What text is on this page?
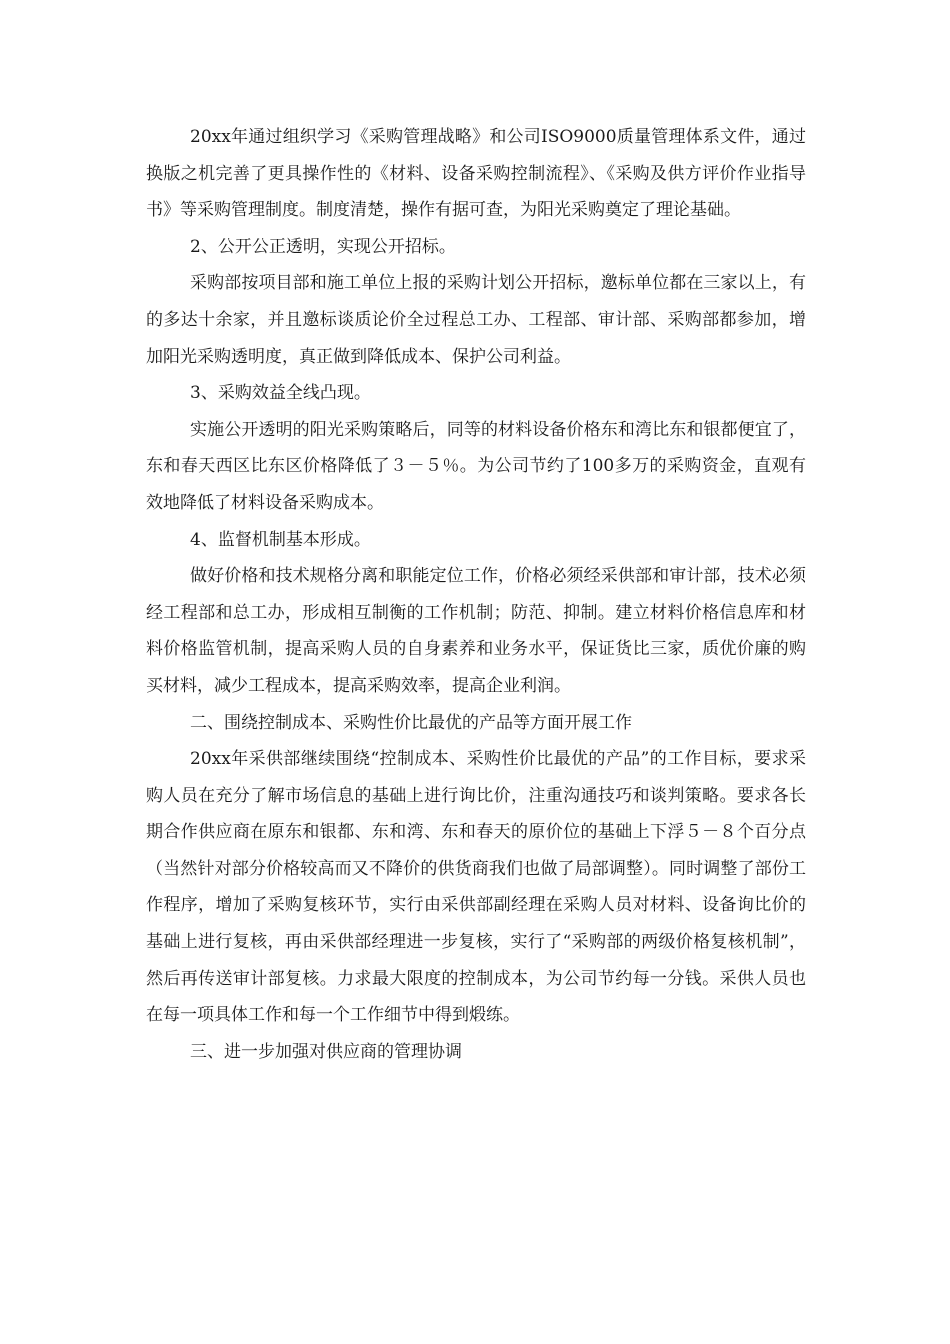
20xx年通过组织学习《采购管理战略》和公司ISO9000质量管理体系文件，通过换版之机完善了更具操作性的《材料、设备采购控制流程》、《采购及供方评价作业指导书》等采购管理制度。制度清楚，操作有据可查，为阳光采购奠定了理论基础。

2、公开公正透明，实现公开招标。

采购部按项目部和施工单位上报的采购计划公开招标，邀标单位都在三家以上，有的多达十余家，并且邀标谈质论价全过程总工办、工程部、审计部、采购部都参加，增加阳光采购透明度，真正做到降低成本、保护公司利益。

3、采购效益全线凸现。

实施公开透明的阳光采购策略后，同等的材料设备价格东和湾比东和银都便宜了，东和春天西区比东区价格降低了３－５％。为公司节约了100多万的采购资金，直观有效地降低了材料设备采购成本。

4、监督机制基本形成。

做好价格和技术规格分离和职能定位工作，价格必须经采供部和审计部，技术必须经工程部和总工办，形成相互制衡的工作机制；防范、抑制。建立材料价格信息库和材料价格监管机制，提高采购人员的自身素养和业务水平，保证货比三家，质优价廉的购买材料，减少工程成本，提高采购效率，提高企业利润。

二、围绕控制成本、采购性价比最优的产品等方面开展工作

20xx年采供部继续围绕“控制成本、采购性价比最优的产品”的工作目标，要求采购人员在充分了解市场信息的基础上进行询比价，注重沟通技巧和谈判策略。要求各长期合作供应商在原东和银都、东和湾、东和春天的原价位的基础上下浮５－８个百分点（当然针对部分价格较高而又不降价的供货商我们也做了局部调整）。同时调整了部份工作程序，增加了采购复核环节，实行由采供部副经理在采购人员对材料、设备询比价的基础上进行复核，再由采供部经理进一步复核，实行了“采购部的两级价格复核机制”，然后再传送审计部复核。力求最大限度的控制成本，为公司节约每一分钱。采供人员也在每一项具体工作和每一个工作细节中得到煅练。

三、进一步加强对供应商的管理协调
